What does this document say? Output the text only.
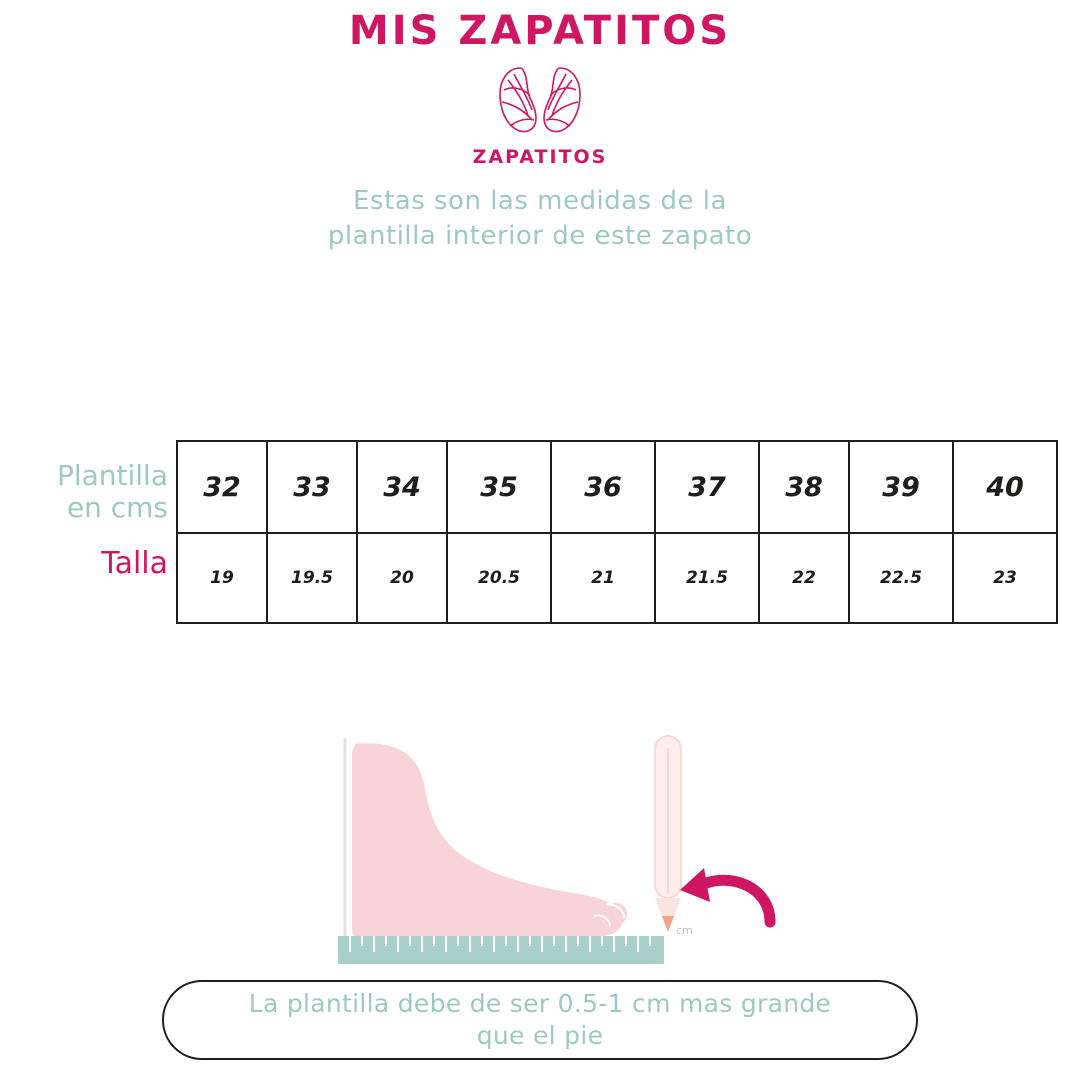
MIS ZAPATITOS
ZAPATITOS
Estas son las medidas de la
plantilla interior de este zapato
Plantilla
en cms
Talla
32	33	34	35	36	37	38	39	40
19	19.5	20	20.5	21	21.5	22	22.5	23
cm
La plantilla debe de ser 0.5-1 cm mas grande
que el pie
